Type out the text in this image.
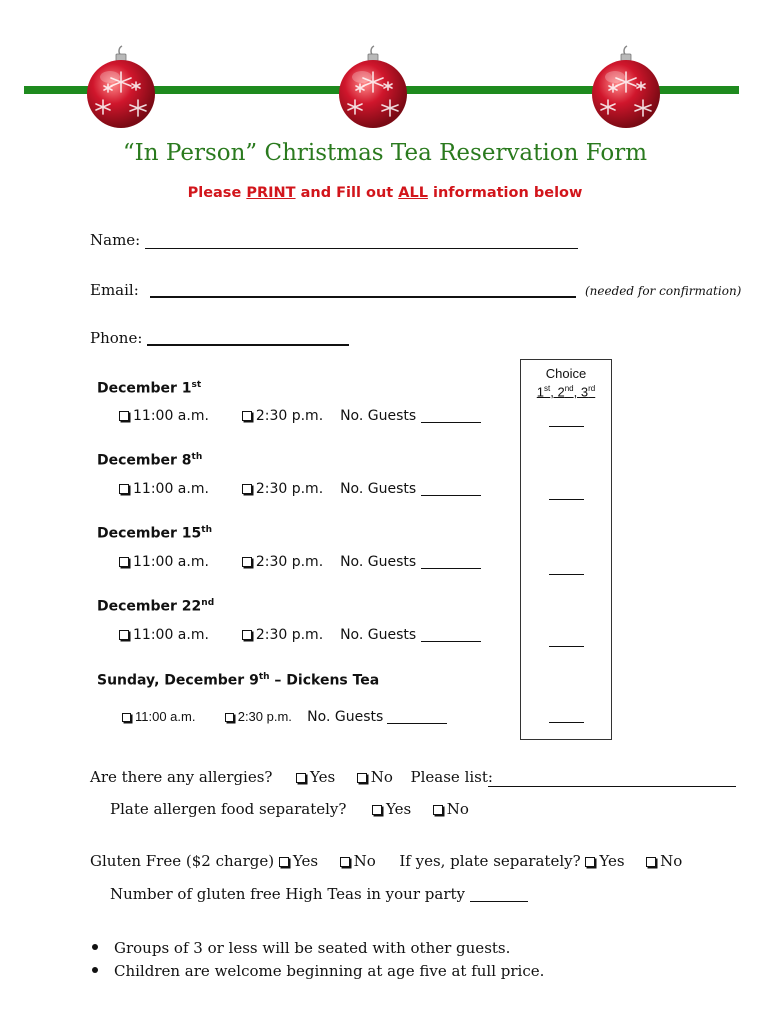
“In Person” Christmas Tea Reservation Form
Please PRINT and Fill out ALL information below
Name:
Email:	(needed for confirmation)
Phone:
Choice
1st, 2nd, 3rd
December 1st
11:00 a.m.	2:30 p.m. No. Guests
December 8th
11:00 a.m.	2:30 p.m. No. Guests
December 15th
11:00 a.m.	2:30 p.m. No. Guests
December 22nd
11:00 a.m.	2:30 p.m. No. Guests
Sunday, December 9th – Dickens Tea
11:00 a.m.	2:30 p.m. No. Guests
Are there any allergies?	Yes No Please list:
Plate allergen food separately?	Yes No
Gluten Free ($2 charge) Yes No If yes, plate separately? Yes No
Number of gluten free High Teas in your party
Groups of 3 or less will be seated with other guests.
Children are welcome beginning at age five at full price.
